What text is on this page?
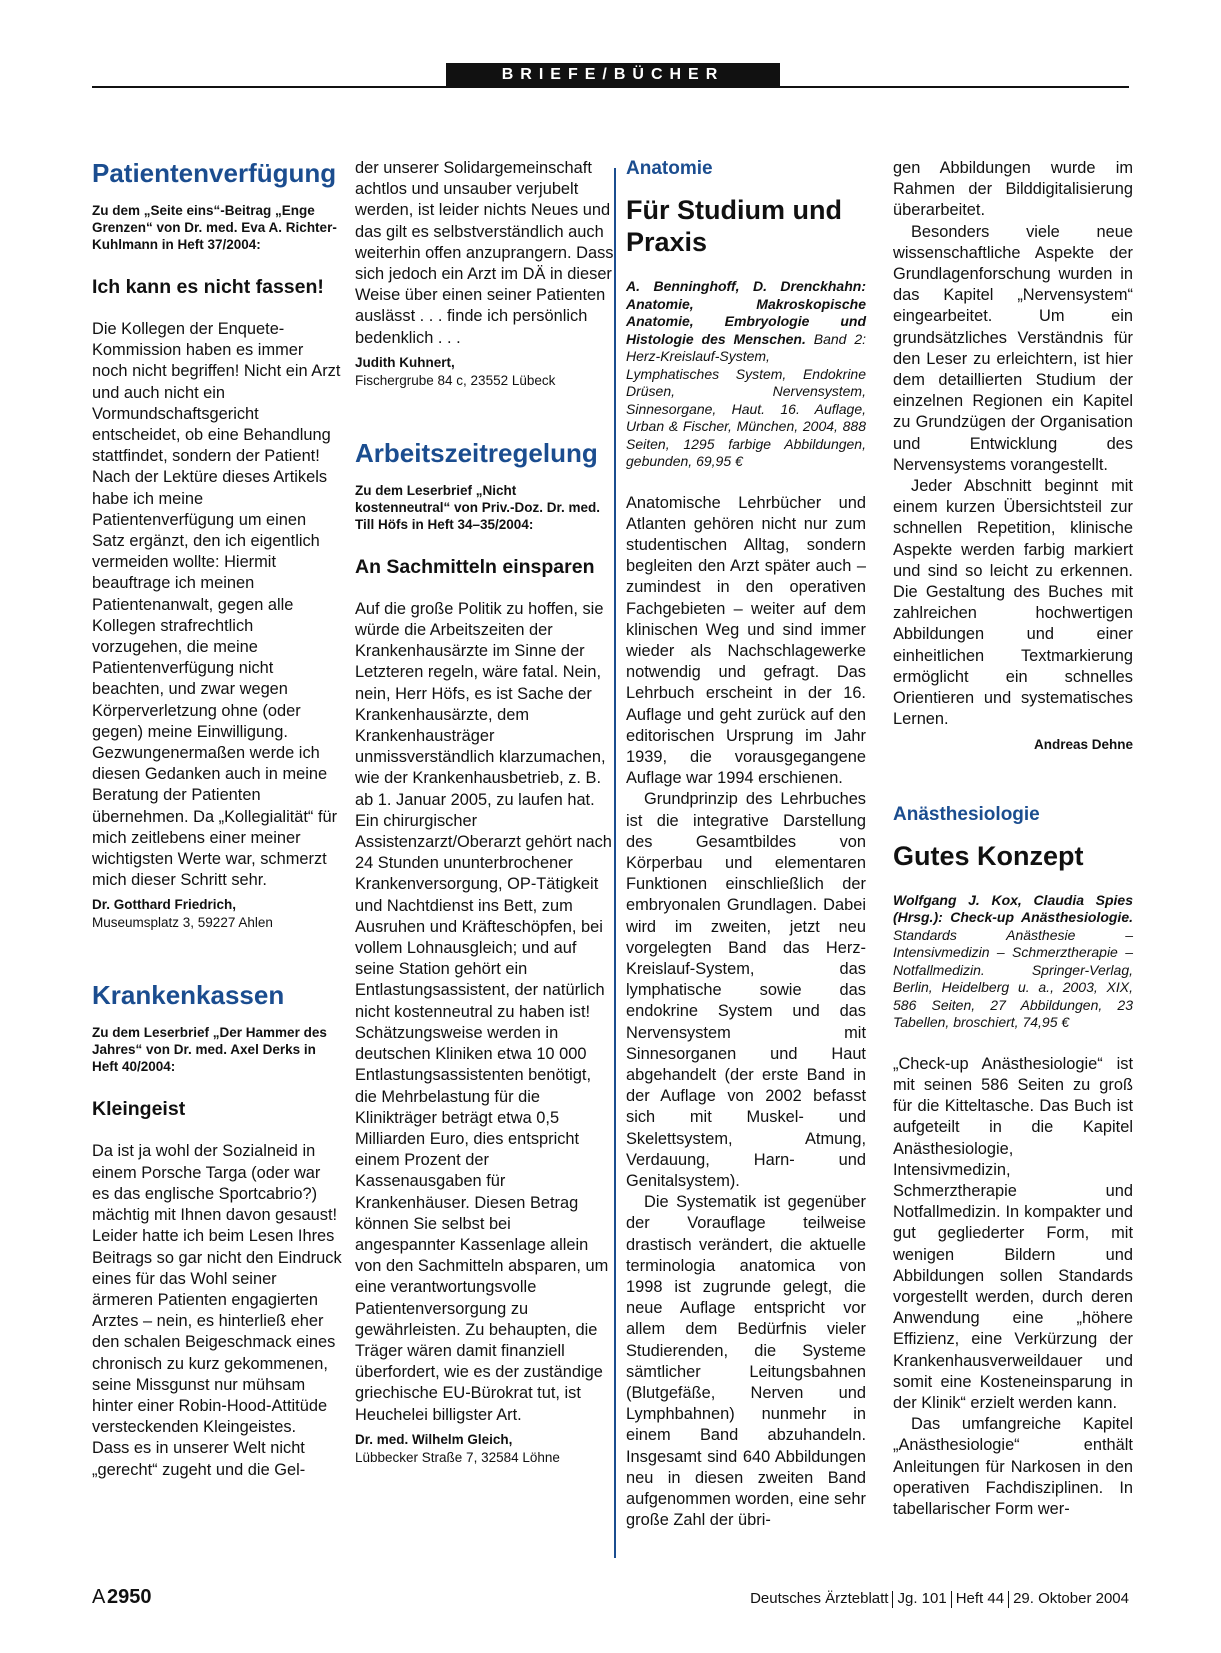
BRIEFE/BÜCHER
Patientenverfügung
Zu dem „Seite eins“-Beitrag „Enge Grenzen“ von Dr. med. Eva A. Richter-Kuhlmann in Heft 37/2004:
Ich kann es nicht fassen!

Die Kollegen der Enquete-Kommission haben es immer noch nicht begriffen! Nicht ein Arzt und auch nicht ein Vormundschaftsgericht entscheidet, ob eine Behandlung stattfindet, sondern der Patient! Nach der Lektüre dieses Artikels habe ich meine Patientenverfügung um einen Satz ergänzt, den ich eigentlich vermeiden wollte: Hiermit beauftrage ich meinen Patientenanwalt, gegen alle Kollegen strafrechtlich vorzugehen, die meine Patientenverfügung nicht beachten, und zwar wegen Körperverletzung ohne (oder gegen) meine Einwilligung. Gezwungenermaßen werde ich diesen Gedanken auch in meine Beratung der Patienten übernehmen. Da „Kollegialität“ für mich zeitlebens einer meiner wichtigsten Werte war, schmerzt mich dieser Schritt sehr.

Dr. Gotthard Friedrich,
Museumsplatz 3, 59227 Ahlen
Krankenkassen
Zu dem Leserbrief „Der Hammer des Jahres“ von Dr. med. Axel Derks in Heft 40/2004:
Kleingeist

Da ist ja wohl der Sozialneid in einem Porsche Targa (oder war es das englische Sportcabrio?) mächtig mit Ihnen davon gesaust! Leider hatte ich beim Lesen Ihres Beitrags so gar nicht den Eindruck eines für das Wohl seiner ärmeren Patienten engagierten Arztes – nein, es hinterließ eher den schalen Beigeschmack eines chronisch zu kurz gekommenen, seine Missgunst nur mühsam hinter einer Robin-Hood-Attitüde versteckenden Kleingeistes.

Dass es in unserer Welt nicht „gerecht“ zugeht und die Gel-

der unserer Solidargemeinschaft achtlos und unsauber verjubelt werden, ist leider nichts Neues und das gilt es selbstverständlich auch weiterhin offen anzuprangern. Dass sich jedoch ein Arzt im DÄ in dieser Weise über einen seiner Patienten auslässt . . . finde ich persönlich bedenklich . . .

Judith Kuhnert,
Fischergrube 84 c, 23552 Lübeck
Arbeitszeitregelung
Zu dem Leserbrief „Nicht kostenneutral“ von Priv.-Doz. Dr. med. Till Höfs in Heft 34–35/2004:
An Sachmitteln einsparen

Auf die große Politik zu hoffen, sie würde die Arbeitszeiten der Krankenhausärzte im Sinne der Letzteren regeln, wäre fatal. Nein, nein, Herr Höfs, es ist Sache der Krankenhausärzte, dem Krankenhausträger unmissverständlich klarzumachen, wie der Krankenhausbetrieb, z. B. ab 1. Januar 2005, zu laufen hat. Ein chirurgischer Assistenzarzt/Oberarzt gehört nach 24 Stunden ununterbrochener Krankenversorgung, OP-Tätigkeit und Nachtdienst ins Bett, zum Ausruhen und Kräfteschöpfen, bei vollem Lohnausgleich; und auf seine Station gehört ein Entlastungsassistent, der natürlich nicht kostenneutral zu haben ist! Schätzungsweise werden in deutschen Kliniken etwa 10 000 Entlastungsassistenten benötigt, die Mehrbelastung für die Klinikträger beträgt etwa 0,5 Milliarden Euro, dies entspricht einem Prozent der Kassenausgaben für Krankenhäuser. Diesen Betrag können Sie selbst bei angespannter Kassenlage allein von den Sachmitteln absparen, um eine verantwortungsvolle Patientenversorgung zu gewährleisten. Zu behaupten, die Träger wären damit finanziell überfordert, wie es der zuständige griechische EU-Bürokrat tut, ist Heuchelei billigster Art.

Dr. med. Wilhelm Gleich,
Lübbecker Straße 7, 32584 Löhne
Anatomie
Für Studium und Praxis
A. Benninghoff, D. Drenckhahn: Anatomie, Makroskopische Anatomie, Embryologie und Histologie des Menschen. Band 2: Herz-Kreislauf-System, Lymphatisches System, Endokrine Drüsen, Nervensystem, Sinnesorgane, Haut. 16. Auflage, Urban & Fischer, München, 2004, 888 Seiten, 1295 farbige Abbildungen, gebunden, 69,95 €

Anatomische Lehrbücher und Atlanten gehören nicht nur zum studentischen Alltag, sondern begleiten den Arzt später auch – zumindest in den operativen Fachgebieten – weiter auf dem klinischen Weg und sind immer wieder als Nachschlagewerke notwendig und gefragt. Das Lehrbuch erscheint in der 16. Auflage und geht zurück auf den editorischen Ursprung im Jahr 1939, die vorausgegangene Auflage war 1994 erschienen.

Grundprinzip des Lehrbuches ist die integrative Darstellung des Gesamtbildes von Körperbau und elementaren Funktionen einschließlich der embryonalen Grundlagen. Dabei wird im zweiten, jetzt neu vorgelegten Band das Herz-Kreislauf-System, das lymphatische sowie das endokrine System und das Nervensystem mit Sinnesorganen und Haut abgehandelt (der erste Band in der Auflage von 2002 befasst sich mit Muskel- und Skelettsystem, Atmung, Verdauung, Harn- und Genitalsystem).

Die Systematik ist gegenüber der Vorauflage teilweise drastisch verändert, die aktuelle terminologia anatomica von 1998 ist zugrunde gelegt, die neue Auflage entspricht vor allem dem Bedürfnis vieler Studierenden, die Systeme sämtlicher Leitungsbahnen (Blutgefäße, Nerven und Lymphbahnen) nunmehr in einem Band abzuhandeln. Insgesamt sind 640 Abbildungen neu in diesen zweiten Band aufgenommen worden, eine sehr große Zahl der übri-

gen Abbildungen wurde im Rahmen der Bilddigitalisierung überarbeitet.

Besonders viele neue wissenschaftliche Aspekte der Grundlagenforschung wurden in das Kapitel „Nervensystem“ eingearbeitet. Um ein grundsätzliches Verständnis für den Leser zu erleichtern, ist hier dem detaillierten Studium der einzelnen Regionen ein Kapitel zu Grundzügen der Organisation und Entwicklung des Nervensystems vorangestellt.

Jeder Abschnitt beginnt mit einem kurzen Übersichtsteil zur schnellen Repetition, klinische Aspekte werden farbig markiert und sind so leicht zu erkennen. Die Gestaltung des Buches mit zahlreichen hochwertigen Abbildungen und einer einheitlichen Textmarkierung ermöglicht ein schnelles Orientieren und systematisches Lernen.

Andreas Dehne
Anästhesiologie
Gutes Konzept
Wolfgang J. Kox, Claudia Spies (Hrsg.): Check-up Anästhesiologie. Standards Anästhesie – Intensivmedizin – Schmerztherapie – Notfallmedizin. Springer-Verlag, Berlin, Heidelberg u. a., 2003, XIX, 586 Seiten, 27 Abbildungen, 23 Tabellen, broschiert, 74,95 €

„Check-up Anästhesiologie“ ist mit seinen 586 Seiten zu groß für die Kitteltasche. Das Buch ist aufgeteilt in die Kapitel Anästhesiologie, Intensivmedizin, Schmerztherapie und Notfallmedizin. In kompakter und gut gegliederter Form, mit wenigen Bildern und Abbildungen sollen Standards vorgestellt werden, durch deren Anwendung eine „höhere Effizienz, eine Verkürzung der Krankenhausverweildauer und somit eine Kosteneinsparung in der Klinik“ erzielt werden kann.

Das umfangreiche Kapitel „Anästhesiologie“ enthält Anleitungen für Narkosen in den operativen Fachdisziplinen. In tabellarischer Form wer-

A 2950	Deutsches Ärzteblatt Jg. 101 Heft 44 29. Oktober 2004
